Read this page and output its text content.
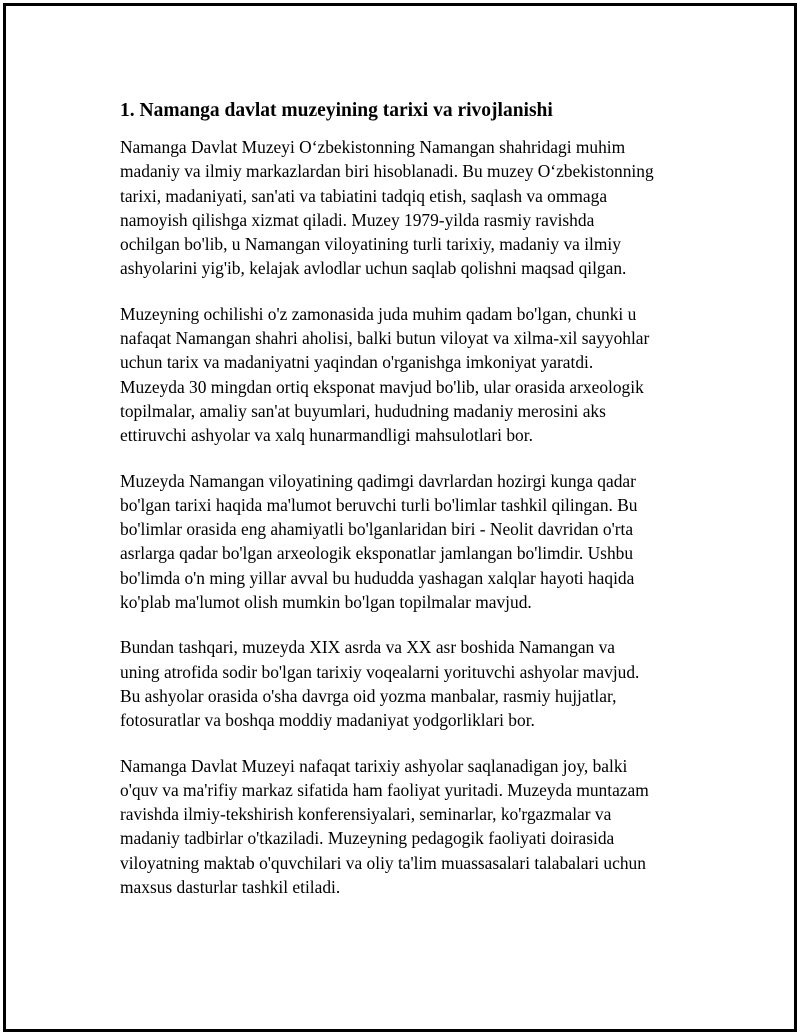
1. Namanga davlat muzeyining tarixi va rivojlanishi

Namanga Davlat Muzeyi O‘zbekistonning Namangan shahridagi muhim
madaniy va ilmiy markazlardan biri hisoblanadi. Bu muzey O‘zbekistonning
tarixi, madaniyati, san'ati va tabiatini tadqiq etish, saqlash va ommaga
namoyish qilishga xizmat qiladi. Muzey 1979-yilda rasmiy ravishda
ochilgan bo'lib, u Namangan viloyatining turli tarixiy, madaniy va ilmiy
ashyolarini yig'ib, kelajak avlodlar uchun saqlab qolishni maqsad qilgan.

Muzeyning ochilishi o'z zamonasida juda muhim qadam bo'lgan, chunki u
nafaqat Namangan shahri aholisi, balki butun viloyat va xilma-xil sayyohlar
uchun tarix va madaniyatni yaqindan o'rganishga imkoniyat yaratdi.
Muzeyda 30 mingdan ortiq eksponat mavjud bo'lib, ular orasida arxeologik
topilmalar, amaliy san'at buyumlari, hududning madaniy merosini aks
ettiruvchi ashyolar va xalq hunarmandligi mahsulotlari bor.

Muzeyda Namangan viloyatining qadimgi davrlardan hozirgi kunga qadar
bo'lgan tarixi haqida ma'lumot beruvchi turli bo'limlar tashkil qilingan. Bu
bo'limlar orasida eng ahamiyatli bo'lganlaridan biri - Neolit davridan o'rta
asrlarga qadar bo'lgan arxeologik eksponatlar jamlangan bo'limdir. Ushbu
bo'limda o'n ming yillar avval bu hududda yashagan xalqlar hayoti haqida
ko'plab ma'lumot olish mumkin bo'lgan topilmalar mavjud.

Bundan tashqari, muzeyda XIX asrda va XX asr boshida Namangan va
uning atrofida sodir bo'lgan tarixiy voqealarni yorituvchi ashyolar mavjud.
Bu ashyolar orasida o'sha davrga oid yozma manbalar, rasmiy hujjatlar,
fotosuratlar va boshqa moddiy madaniyat yodgorliklari bor.

Namanga Davlat Muzeyi nafaqat tarixiy ashyolar saqlanadigan joy, balki
o'quv va ma'rifiy markaz sifatida ham faoliyat yuritadi. Muzeyda muntazam
ravishda ilmiy-tekshirish konferensiyalari, seminarlar, ko'rgazmalar va
madaniy tadbirlar o'tkaziladi. Muzeyning pedagogik faoliyati doirasida
viloyatning maktab o'quvchilari va oliy ta'lim muassasalari talabalari uchun
maxsus dasturlar tashkil etiladi.
